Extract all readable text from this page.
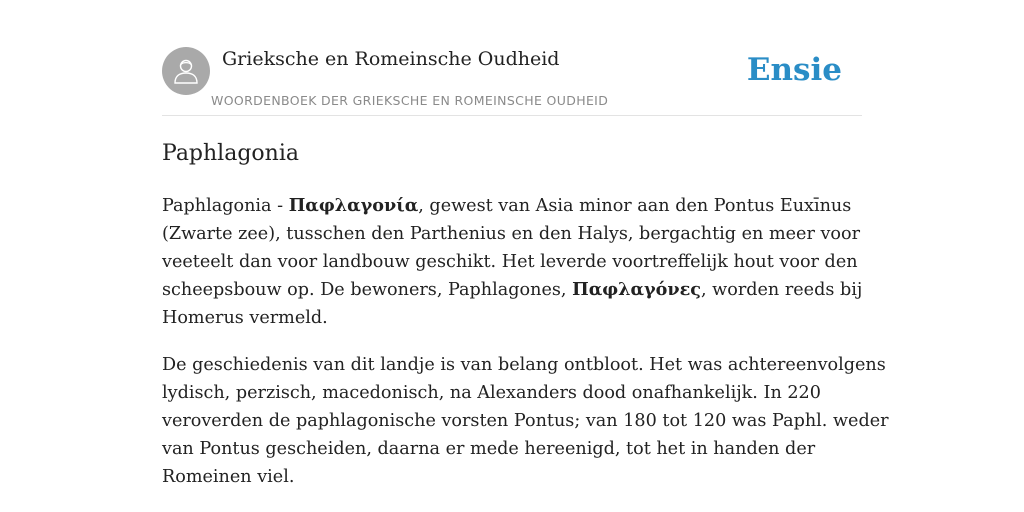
Grieksche en Romeinsche Oudheid
WOORDENBOEK DER GRIEKSCHE EN ROMEINSCHE OUDHEID
Ensie
Paphlagonia

Paphlagonia - Παφλαγονία, gewest van Asia minor aan den Pontus Euxīnus
(Zwarte zee), tusschen den Parthenius en den Halys, bergachtig en meer voor
veeteelt dan voor landbouw geschikt. Het leverde voortreffelijk hout voor den
scheepsbouw op. De bewoners, Paphlagones, Παφλαγόνες, worden reeds bij
Homerus vermeld.

De geschiedenis van dit landje is van belang ontbloot. Het was achtereenvolgens
lydisch, perzisch, macedonisch, na Alexanders dood onafhankelijk. In 220
veroverden de paphlagonische vorsten Pontus; van 180 tot 120 was Paphl. weder
van Pontus gescheiden, daarna er mede hereenigd, tot het in handen der
Romeinen viel.
